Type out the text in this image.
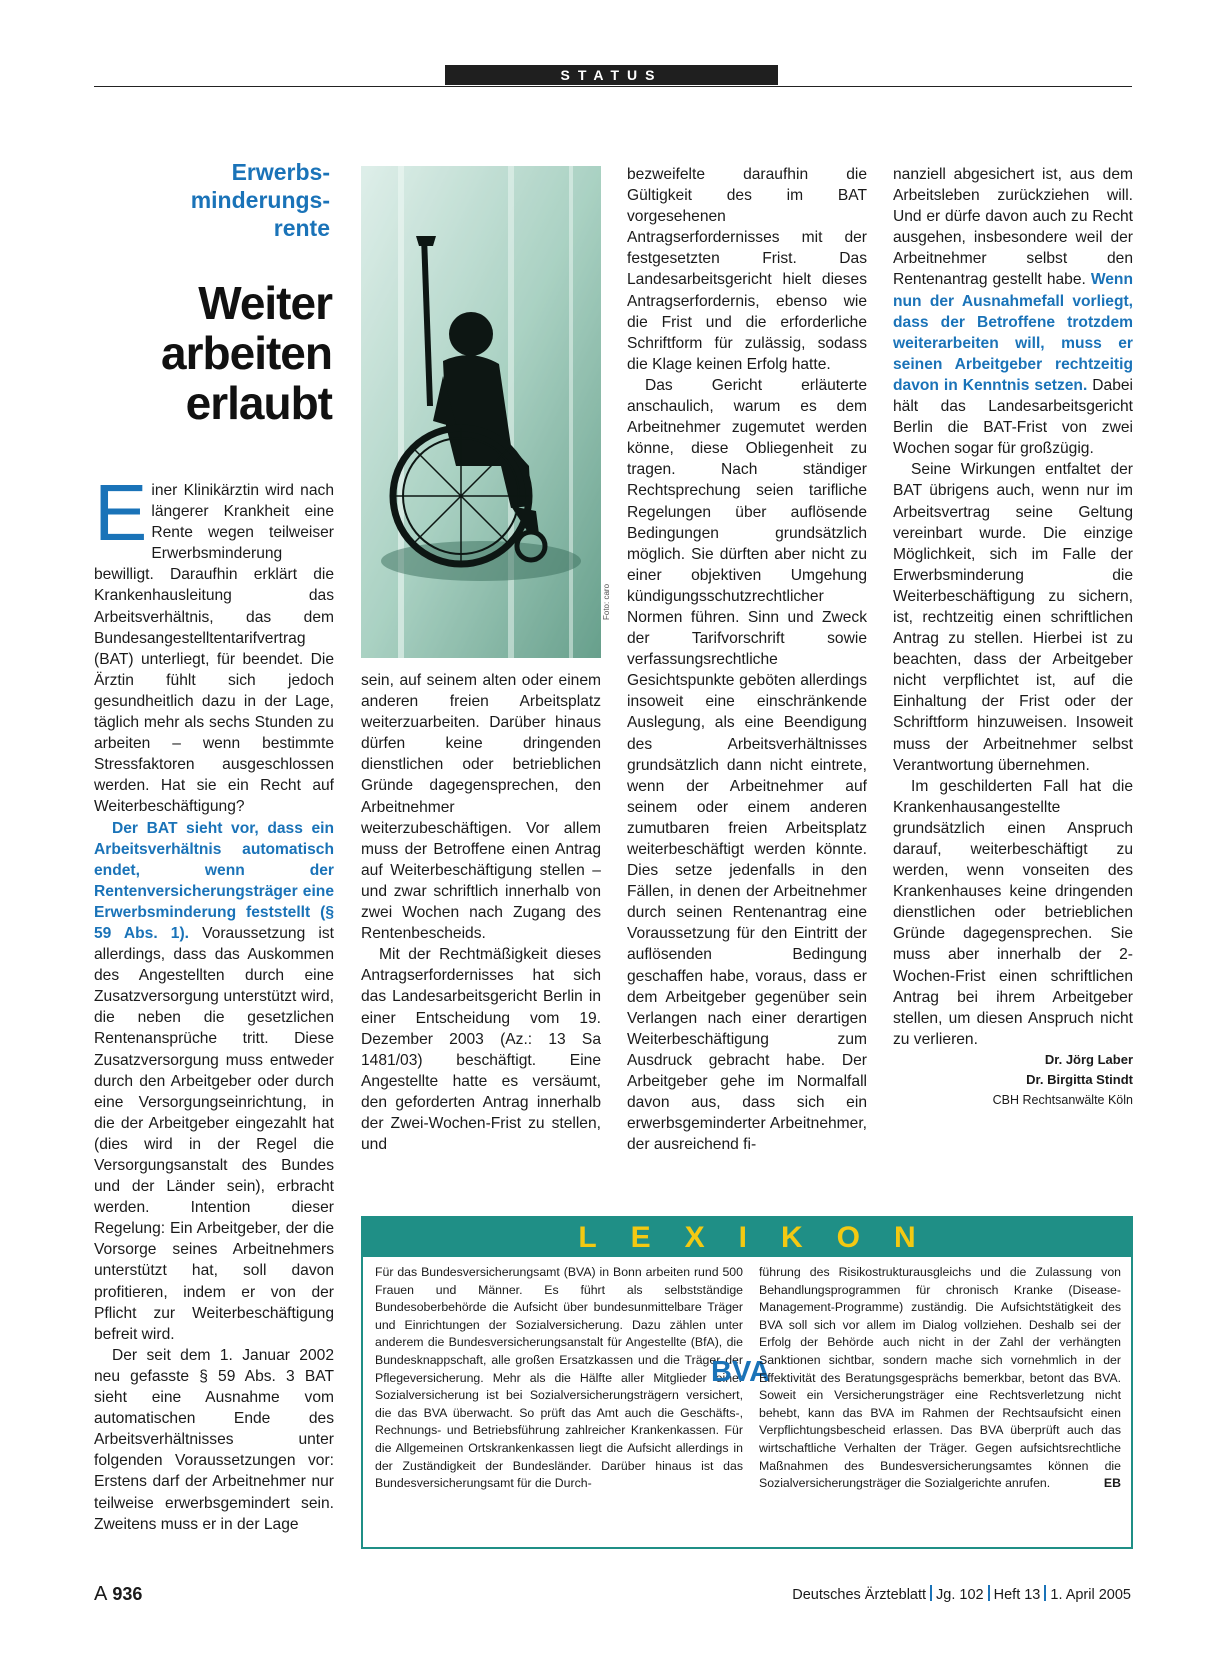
STATUS
Erwerbs-
minderungs-
rente
Weiter
arbeiten
erlaubt

Einer Klinikärztin wird nach längerer Krankheit eine Rente wegen teilweiser Erwerbsminderung bewilligt. Daraufhin erklärt die Krankenhausleitung das Arbeitsverhältnis, das dem Bundesangestelltentarifvertrag (BAT) unterliegt, für beendet. Die Ärztin fühlt sich jedoch gesundheitlich dazu in der Lage, täglich mehr als sechs Stunden zu arbeiten – wenn bestimmte Stressfaktoren ausgeschlossen werden. Hat sie ein Recht auf Weiterbeschäftigung?

Der BAT sieht vor, dass ein Arbeitsverhältnis automatisch endet, wenn der Rentenversicherungsträger eine Erwerbsminderung feststellt (§ 59 Abs. 1). Voraussetzung ist allerdings, dass das Auskommen des Angestellten durch eine Zusatzversorgung unterstützt wird, die neben die gesetzlichen Rentenansprüche tritt. Diese Zusatzversorgung muss entweder durch den Arbeitgeber oder durch eine Versorgungseinrichtung, in die der Arbeitgeber eingezahlt hat (dies wird in der Regel die Versorgungsanstalt des Bundes und der Länder sein), erbracht werden. Intention dieser Regelung: Ein Arbeitgeber, der die Vorsorge seines Arbeitnehmers unterstützt hat, soll davon profitieren, indem er von der Pflicht zur Weiterbeschäftigung befreit wird.

Der seit dem 1. Januar 2002 neu gefasste § 59 Abs. 3 BAT sieht eine Ausnahme vom automatischen Ende des Arbeitsverhältnisses unter folgenden Voraussetzungen vor: Erstens darf der Arbeitnehmer nur teilweise erwerbsgemindert sein. Zweitens muss er in der Lage

Foto: caro

sein, auf seinem alten oder einem anderen freien Arbeitsplatz weiterzuarbeiten. Darüber hinaus dürfen keine dringenden dienstlichen oder betrieblichen Gründe dagegensprechen, den Arbeitnehmer weiterzubeschäftigen. Vor allem muss der Betroffene einen Antrag auf Weiterbeschäftigung stellen – und zwar schriftlich innerhalb von zwei Wochen nach Zugang des Rentenbescheids.

Mit der Rechtmäßigkeit dieses Antragserfordernisses hat sich das Landesarbeitsgericht Berlin in einer Entscheidung vom 19. Dezember 2003 (Az.: 13 Sa 1481/03) beschäftigt. Eine Angestellte hatte es versäumt, den geforderten Antrag innerhalb der Zwei-Wochen-Frist zu stellen, und

bezweifelte daraufhin die Gültigkeit des im BAT vorgesehenen Antragserfordernisses mit der festgesetzten Frist. Das Landesarbeitsgericht hielt dieses Antragserfordernis, ebenso wie die Frist und die erforderliche Schriftform für zulässig, sodass die Klage keinen Erfolg hatte.

Das Gericht erläuterte anschaulich, warum es dem Arbeitnehmer zugemutet werden könne, diese Obliegenheit zu tragen. Nach ständiger Rechtsprechung seien tarifliche Regelungen über auflösende Bedingungen grundsätzlich möglich. Sie dürften aber nicht zu einer objektiven Umgehung kündigungsschutzrechtlicher Normen führen. Sinn und Zweck der Tarifvorschrift sowie verfassungsrechtliche Gesichtspunkte geböten allerdings insoweit eine einschränkende Auslegung, als eine Beendigung des Arbeitsverhältnisses grundsätzlich dann nicht eintrete, wenn der Arbeitnehmer auf seinem oder einem anderen zumutbaren freien Arbeitsplatz weiterbeschäftigt werden könnte. Dies setze jedenfalls in den Fällen, in denen der Arbeitnehmer durch seinen Rentenantrag eine Voraussetzung für den Eintritt der auflösenden Bedingung geschaffen habe, voraus, dass er dem Arbeitgeber gegenüber sein Verlangen nach einer derartigen Weiterbeschäftigung zum Ausdruck gebracht habe. Der Arbeitgeber gehe im Normalfall davon aus, dass sich ein erwerbsgeminderter Arbeitnehmer, der ausreichend fi-

nanziell abgesichert ist, aus dem Arbeitsleben zurückziehen will. Und er dürfe davon auch zu Recht ausgehen, insbesondere weil der Arbeitnehmer selbst den Rentenantrag gestellt habe. Wenn nun der Ausnahmefall vorliegt, dass der Betroffene trotzdem weiterarbeiten will, muss er seinen Arbeitgeber rechtzeitig davon in Kenntnis setzen. Dabei hält das Landesarbeitsgericht Berlin die BAT-Frist von zwei Wochen sogar für großzügig.

Seine Wirkungen entfaltet der BAT übrigens auch, wenn nur im Arbeitsvertrag seine Geltung vereinbart wurde. Die einzige Möglichkeit, sich im Falle der Erwerbsminderung die Weiterbeschäftigung zu sichern, ist, rechtzeitig einen schriftlichen Antrag zu stellen. Hierbei ist zu beachten, dass der Arbeitgeber nicht verpflichtet ist, auf die Einhaltung der Frist oder der Schriftform hinzuweisen. Insoweit muss der Arbeitnehmer selbst Verantwortung übernehmen.

Im geschilderten Fall hat die Krankenhausangestellte grundsätzlich einen Anspruch darauf, weiterbeschäftigt zu werden, wenn vonseiten des Krankenhauses keine dringenden dienstlichen oder betrieblichen Gründe dagegensprechen. Sie muss aber innerhalb der 2-Wochen-Frist einen schriftlichen Antrag bei ihrem Arbeitgeber stellen, um diesen Anspruch nicht zu verlieren.

Dr. Jörg Laber
Dr. Birgitta Stindt
CBH Rechtsanwälte Köln
LEXIKON

Für das Bundesversicherungsamt (BVA) in Bonn arbeiten rund 500 Frauen und Männer. Es führt als selbstständige Bundesoberbehörde die Aufsicht über bundesunmittelbare Träger und Einrichtungen der Sozialversicherung. Dazu zählen unter anderem die Bundesversicherungsanstalt für Angestellte (BfA), die Bundesknappschaft, alle großen Ersatzkassen und die Träger der Pflegeversicherung. Mehr als die Hälfte aller Mitglieder einer Sozialversicherung ist bei Sozialversicherungsträgern versichert, die das BVA überwacht. So prüft das Amt auch die Geschäfts-, Rechnungs- und Betriebsführung zahlreicher Krankenkassen. Für die Allgemeinen Ortskrankenkassen liegt die Aufsicht allerdings in der Zuständigkeit der Bundesländer. Darüber hinaus ist das Bundesversicherungsamt für die Durch-

BVA

führung des Risikostrukturausgleichs und die Zulassung von Behandlungsprogrammen für chronisch Kranke (Disease-Management-Programme) zuständig. Die Aufsichtstätigkeit des BVA soll sich vor allem im Dialog vollziehen. Deshalb sei der Erfolg der Behörde auch nicht in der Zahl der verhängten Sanktionen sichtbar, sondern mache sich vornehmlich in der Effektivität des Beratungsgesprächs bemerkbar, betont das BVA. Soweit ein Versicherungsträger eine Rechtsverletzung nicht behebt, kann das BVA im Rahmen der Rechtsaufsicht einen Verpflichtungsbescheid erlassen. Das BVA überprüft auch das wirtschaftliche Verhalten der Träger. Gegen aufsichtsrechtliche Maßnahmen des Bundesversicherungsamtes können die Sozialversicherungsträger die Sozialgerichte anrufen.	EB

A 936	Deutsches Ärzteblatt Jg. 102 Heft 13 1. April 2005
